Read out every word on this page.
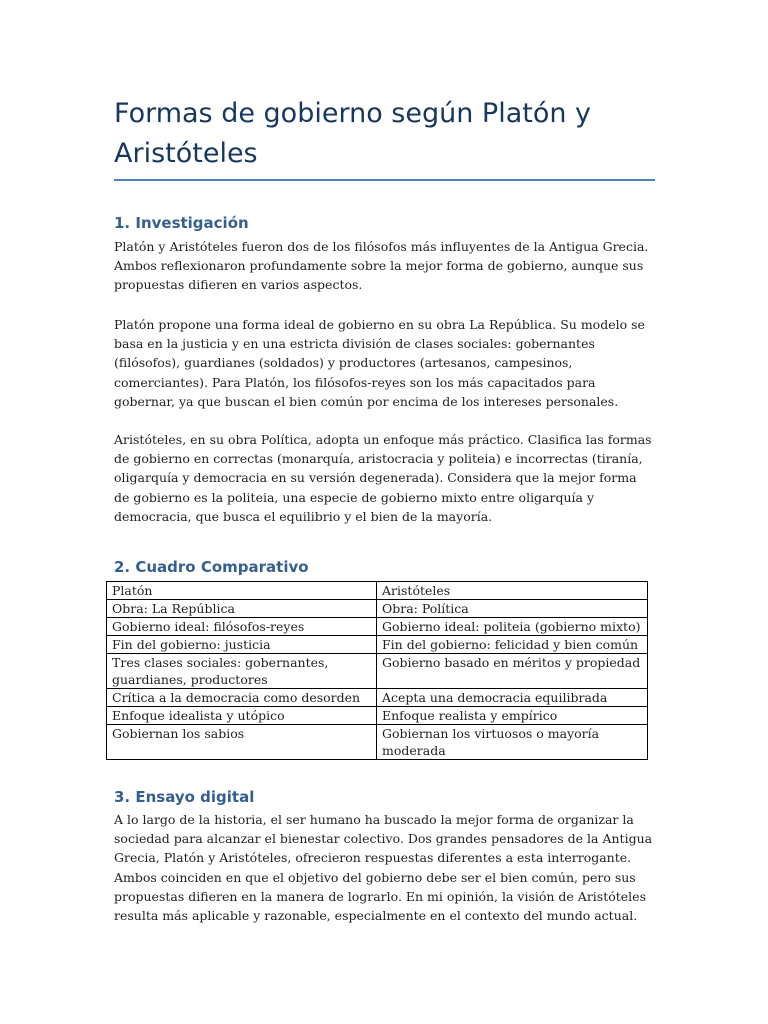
Formas de gobierno según Platón y Aristóteles
1. Investigación

Platón y Aristóteles fueron dos de los filósofos más influyentes de la Antigua Grecia. Ambos reflexionaron profundamente sobre la mejor forma de gobierno, aunque sus propuestas difieren en varios aspectos.

Platón propone una forma ideal de gobierno en su obra La República. Su modelo se basa en la justicia y en una estricta división de clases sociales: gobernantes (filósofos), guardianes (soldados) y productores (artesanos, campesinos, comerciantes). Para Platón, los filósofos-reyes son los más capacitados para gobernar, ya que buscan el bien común por encima de los intereses personales.

Aristóteles, en su obra Política, adopta un enfoque más práctico. Clasifica las formas de gobierno en correctas (monarquía, aristocracia y politeia) e incorrectas (tiranía, oligarquía y democracia en su versión degenerada). Considera que la mejor forma de gobierno es la politeia, una especie de gobierno mixto entre oligarquía y democracia, que busca el equilibrio y el bien de la mayoría.

2. Cuadro Comparativo
Platón	Aristóteles
Obra: La República	Obra: Política
Gobierno ideal: filósofos-reyes	Gobierno ideal: politeia (gobierno mixto)
Fin del gobierno: justicia	Fin del gobierno: felicidad y bien común
Tres clases sociales: gobernantes, guardianes, productores	Gobierno basado en méritos y propiedad
Crítica a la democracia como desorden	Acepta una democracia equilibrada
Enfoque idealista y utópico	Enfoque realista y empírico
Gobiernan los sabios	Gobiernan los virtuosos o mayoría moderada
3. Ensayo digital

A lo largo de la historia, el ser humano ha buscado la mejor forma de organizar la sociedad para alcanzar el bienestar colectivo. Dos grandes pensadores de la Antigua Grecia, Platón y Aristóteles, ofrecieron respuestas diferentes a esta interrogante. Ambos coinciden en que el objetivo del gobierno debe ser el bien común, pero sus propuestas difieren en la manera de lograrlo. En mi opinión, la visión de Aristóteles resulta más aplicable y razonable, especialmente en el contexto del mundo actual.
